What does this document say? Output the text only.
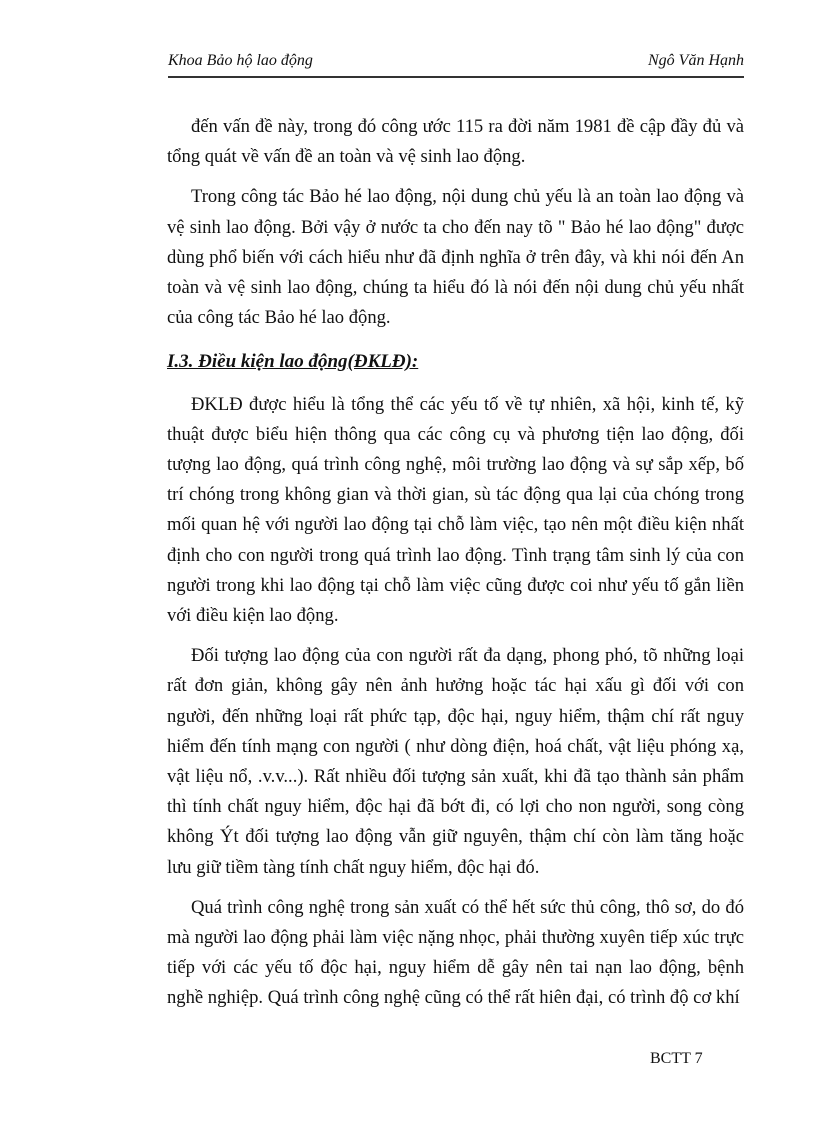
Khoa Bảo hộ lao động	Ngô Văn Hạnh

đến vấn đề này, trong đó công ước 115 ra đời năm 1981 đề cập đầy đủ và tổng quát về vấn đề an toàn và vệ sinh lao động.

Trong công tác Bảo hé lao động, nội dung chủ yếu là an toàn lao động và vệ sinh lao động. Bởi vậy ở nước ta cho đến nay tõ " Bảo hé lao động" được dùng phổ biến với cách hiểu như đã định nghĩa ở trên đây, và khi nói đến An toàn và vệ sinh lao động, chúng ta hiểu đó là nói đến nội dung chủ yếu nhất của công tác Bảo hé lao động.

I.3. Điều kiện lao động(ĐKLĐ):

ĐKLĐ được hiểu là tổng thể các yếu tố về tự nhiên, xã hội, kinh tế, kỹ thuật được biểu hiện thông qua các công cụ và phương tiện lao động, đối tượng lao động, quá trình công nghệ, môi trường lao động và sự sắp xếp, bố trí chóng trong không gian và thời gian, sù tác động qua lại của chóng trong mối quan hệ với người lao động tại chỗ làm việc, tạo nên một điều kiện nhất định cho con người trong quá trình lao động. Tình trạng tâm sinh lý của con người trong khi lao động tại chỗ làm việc cũng được coi như yếu tố gắn liền với điều kiện lao động.

Đối tượng lao động của con người rất đa dạng, phong phó, tõ những loại rất đơn giản, không gây nên ảnh hưởng hoặc tác hại xấu gì đối với con người, đến những loại rất phức tạp, độc hại, nguy hiểm, thậm chí rất nguy hiểm đến tính mạng con người ( như dòng điện, hoá chất, vật liệu phóng xạ, vật liệu nổ, .v.v...). Rất nhiều đối tượng sản xuất, khi đã tạo thành sản phẩm thì tính chất nguy hiểm, độc hại đã bớt đi, có lợi cho non người, song còng không Ýt đối tượng lao động vẫn giữ nguyên, thậm chí còn làm tăng hoặc lưu giữ tiềm tàng tính chất nguy hiểm, độc hại đó.

Quá trình công nghệ trong sản xuất có thể hết sức thủ công, thô sơ, do đó mà người lao động phải làm việc nặng nhọc, phải thường xuyên tiếp xúc trực tiếp với các yếu tố độc hại, nguy hiểm dễ gây nên tai nạn lao động, bệnh nghề nghiệp. Quá trình công nghệ cũng có thể rất hiên đại, có trình độ cơ khí

BCTT 7
